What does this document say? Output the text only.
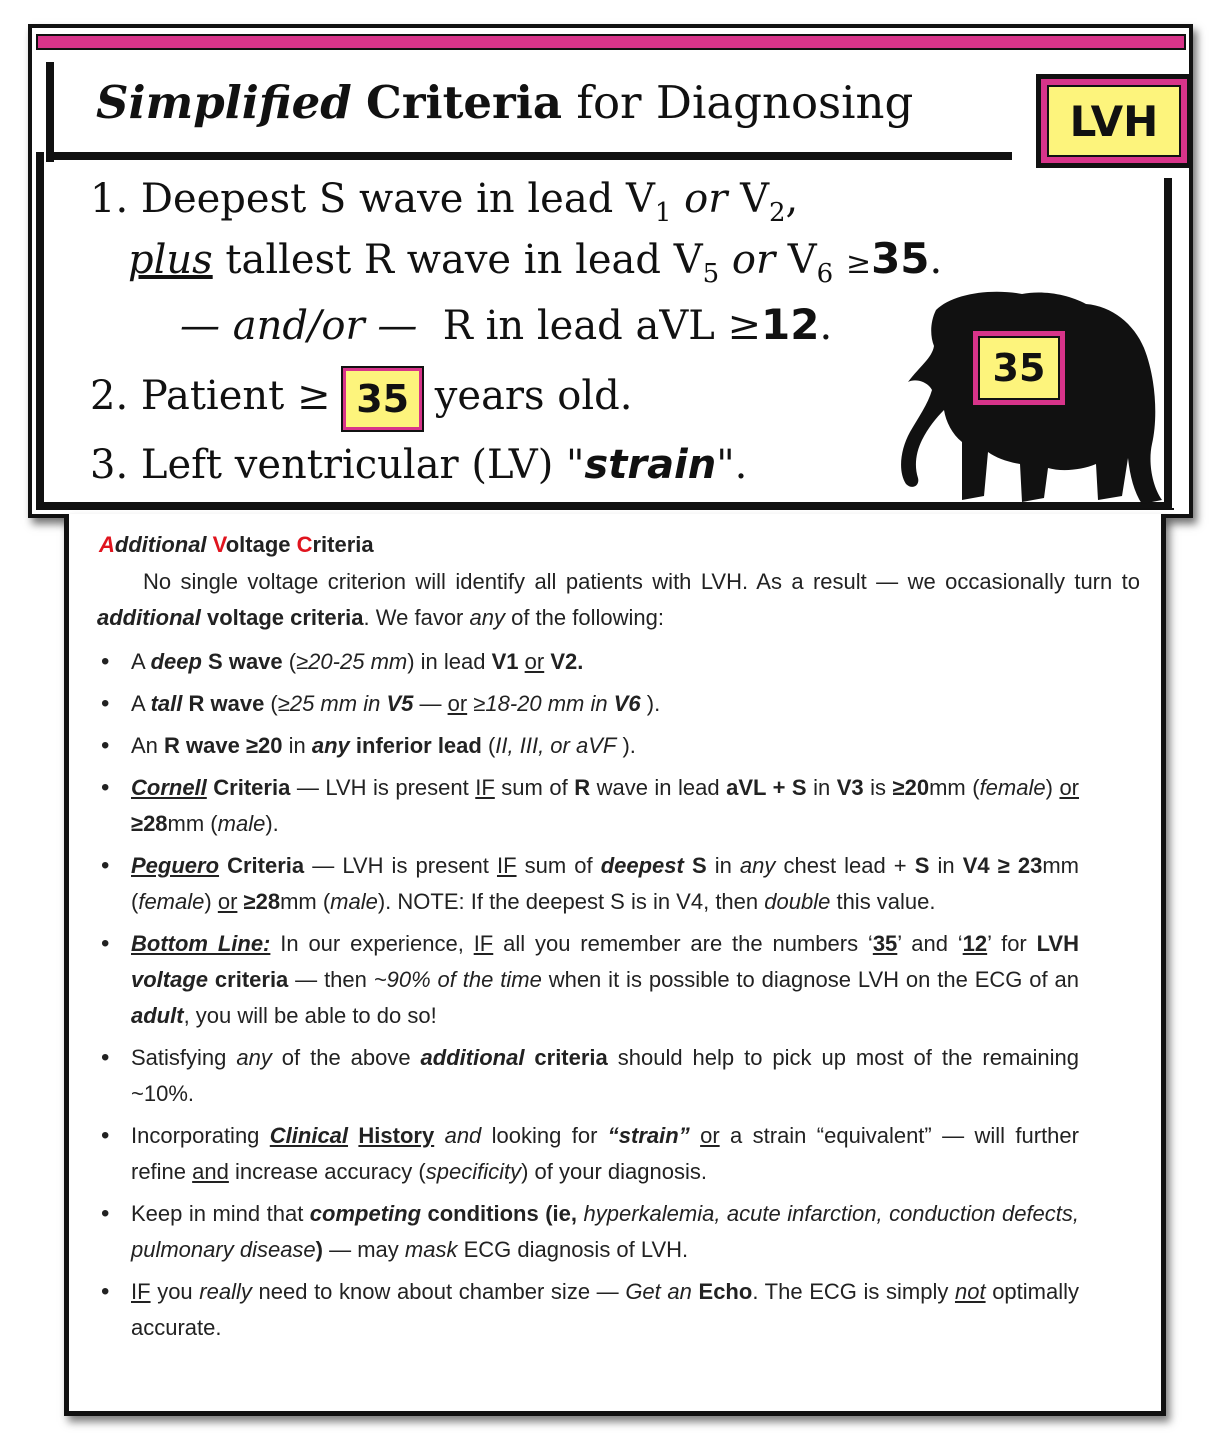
Simplified Criteria for Diagnosing	LVH

1. Deepest S wave in lead $V_1$ or $V_2$,

plus tallest R wave in lead $V_5$ or $V_6 \ge 35$.

— and/or — R in lead aVL ≥12.

2. Patient ≥ 35 years old.

3. Left ventricular (LV) "strain".

35
Additional Voltage Criteria

No single voltage criterion will identify all patients with LVH. As a result — we occasionally turn to additional voltage criteria. We favor any of the following:

• A deep S wave (≥20-25 mm) in lead V1 or V2.
• A tall R wave (≥25 mm in V5 — or ≥18-20 mm in V6 ).
• An R wave ≥20 in any inferior lead (II, III, or aVF ).
• Cornell Criteria — LVH is present IF sum of R wave in lead aVL + S in V3 is ≥20mm (female) or ≥28mm (male).
• Peguero Criteria — LVH is present IF sum of deepest S in any chest lead + S in V4 ≥ 23mm (female) or ≥28mm (male). NOTE: If the deepest S is in V4, then double this value.
• Bottom Line: In our experience, IF all you remember are the numbers ‘35’ and ‘12’ for LVH voltage criteria — then ~90% of the time when it is possible to diagnose LVH on the ECG of an adult, you will be able to do so!
• Satisfying any of the above additional criteria should help to pick up most of the remaining ~10%.
• Incorporating Clinical History and looking for “strain” or a strain “equivalent” — will further refine and increase accuracy (specificity) of your diagnosis.
• Keep in mind that competing conditions (ie, hyperkalemia, acute infarction, conduction defects, pulmonary disease) — may mask ECG diagnosis of LVH.
• IF you really need to know about chamber size — Get an Echo. The ECG is simply not optimally accurate.
